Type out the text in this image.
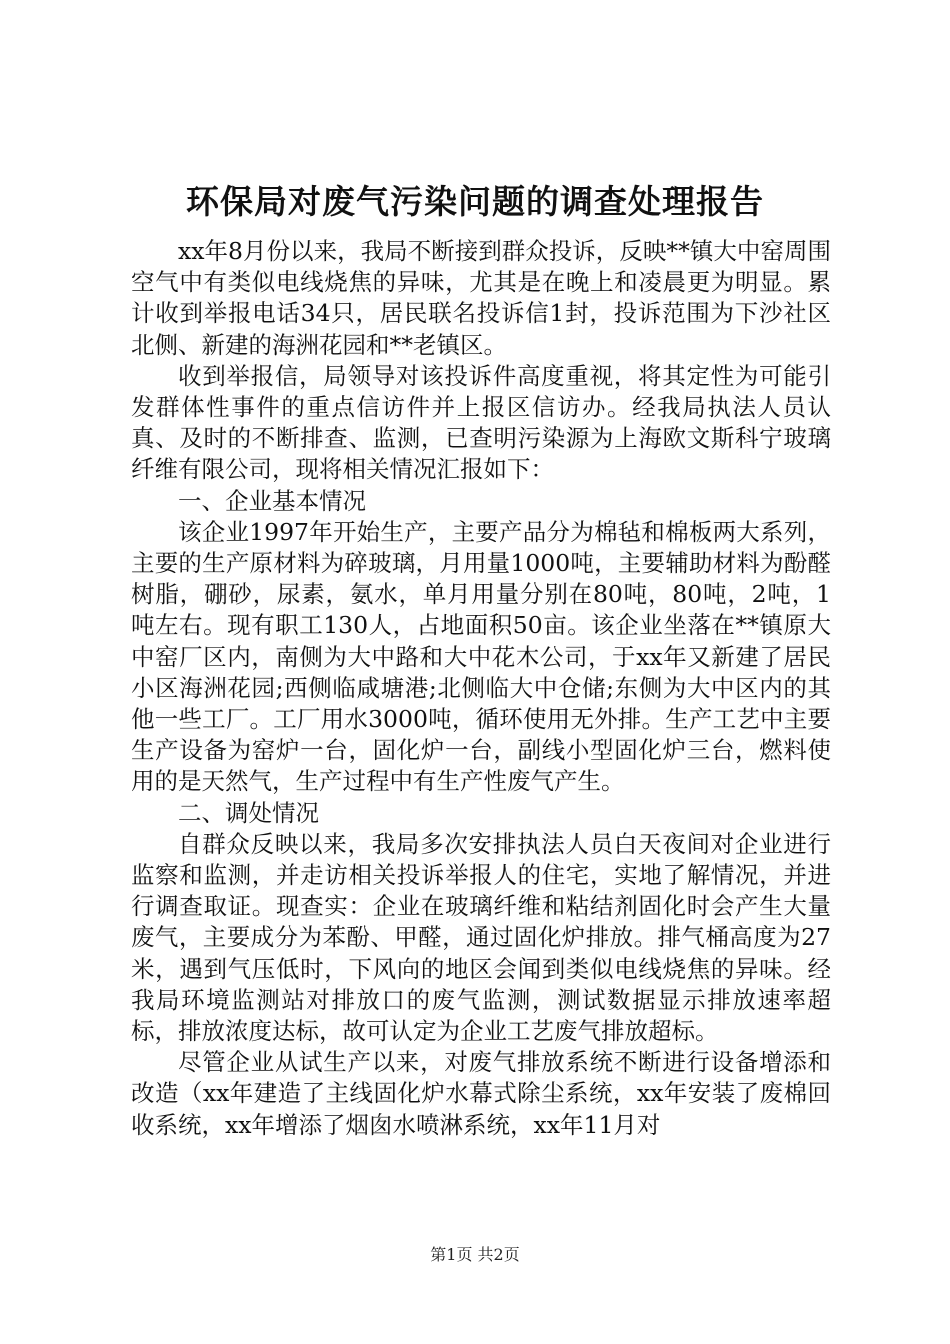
环保局对废气污染问题的调查处理报告

xx年8月份以来，我局不断接到群众投诉，反映**镇大中窑周围空气中有类似电线烧焦的异味，尤其是在晚上和凌晨更为明显。累计收到举报电话34只，居民联名投诉信1封，投诉范围为下沙社区北侧、新建的海洲花园和**老镇区。

收到举报信，局领导对该投诉件高度重视，将其定性为可能引发群体性事件的重点信访件并上报区信访办。经我局执法人员认真、及时的不断排查、监测，已查明污染源为上海欧文斯科宁玻璃纤维有限公司，现将相关情况汇报如下：

一、企业基本情况

该企业1997年开始生产，主要产品分为棉毡和棉板两大系列，主要的生产原材料为碎玻璃，月用量1000吨，主要辅助材料为酚醛树脂，硼砂，尿素，氨水，单月用量分别在80吨，80吨，2吨，1吨左右。现有职工130人，占地面积50亩。该企业坐落在**镇原大中窑厂区内，南侧为大中路和大中花木公司，于xx年又新建了居民小区海洲花园;西侧临咸塘港;北侧临大中仓储;东侧为大中区内的其他一些工厂。工厂用水3000吨，循环使用无外排。生产工艺中主要生产设备为窑炉一台，固化炉一台，副线小型固化炉三台，燃料使用的是天然气，生产过程中有生产性废气产生。

二、调处情况

自群众反映以来，我局多次安排执法人员白天夜间对企业进行监察和监测，并走访相关投诉举报人的住宅，实地了解情况，并进行调查取证。现查实：企业在玻璃纤维和粘结剂固化时会产生大量废气，主要成分为苯酚、甲醛，通过固化炉排放。排气桶高度为27米，遇到气压低时，下风向的地区会闻到类似电线烧焦的异味。经我局环境监测站对排放口的废气监测，测试数据显示排放速率超标，排放浓度达标，故可认定为企业工艺废气排放超标。

尽管企业从试生产以来，对废气排放系统不断进行设备增添和改造（xx年建造了主线固化炉水幕式除尘系统，xx年安装了废棉回收系统，xx年增添了烟囱水喷淋系统，xx年11月对

第1页 共2页
